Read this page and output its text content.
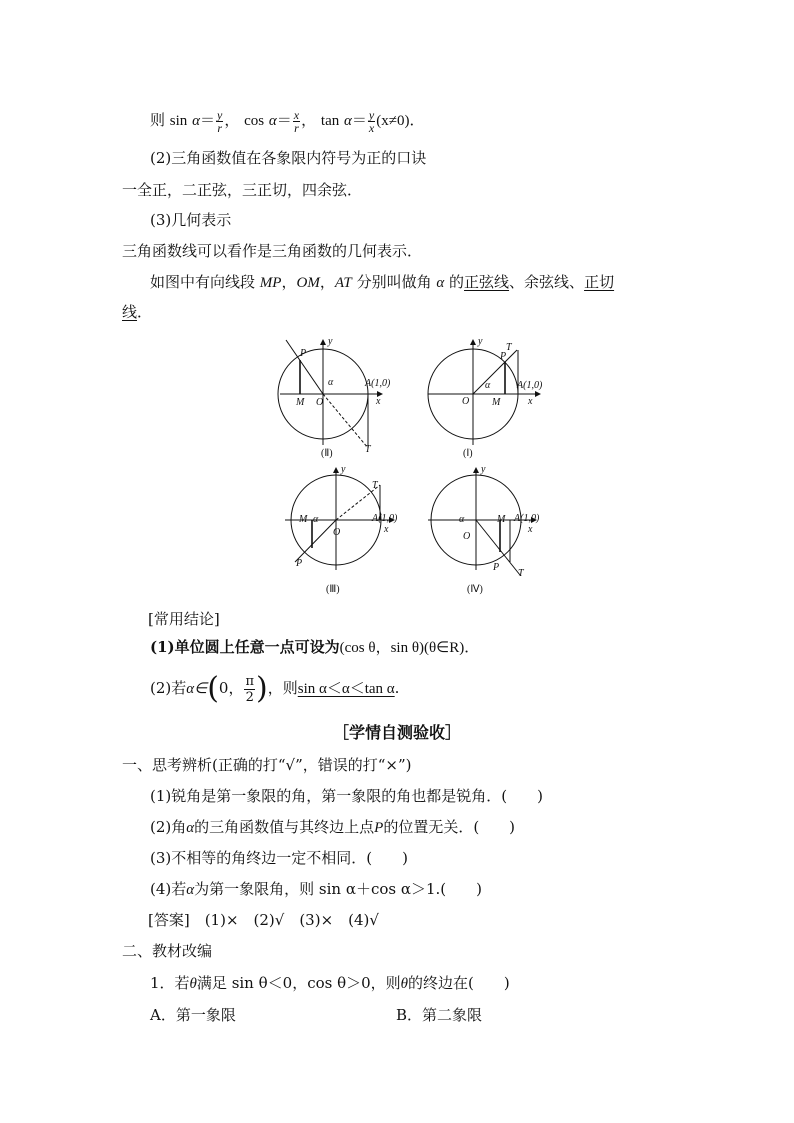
则 $\sin \alpha= \frac{y}{r}$ ， $\cos \alpha= \frac{x}{r}$ ， $\tan \alpha= \frac{y}{x} (x\ne 0)$．
(2)三角函数值在各象限内符号为正的口诀
一全正，二正弦，三正切，四余弦．
(3)几何表示
三角函数线可以看作是三角函数的几何表示．
如图中有向线段 MP，OM，AT 分别叫做角 α 的正弦线、余弦线、正切
线．
P
M O
α
y
x
A(1,0)
T
(Ⅱ)
P
T
M
O
α
y
x
A(1,0)
(Ⅰ)
M α
O
y
x
A(1,0)
T
P
(Ⅲ)
α
O
M
y
x
A(1,0)
P
T
(Ⅳ)
[常用结论]
(1)单位圆上任意一点可设为(cos θ，sin θ)(θ∈R)．
(2)若α∈(0， $\frac{\pi}{2}$ )，则sin α＜α＜tan α.
［学情自测验收］
一、思考辨析(正确的打“√”，错误的打“×”)
(1)锐角是第一象限的角，第一象限的角也都是锐角．(　　)
(2)角α的三角函数值与其终边上点P的位置无关．(　　)
(3)不相等的角终边一定不相同．(　　)
(4)若α为第一象限角，则 sin α＋cos α＞1.(　　)
[答案]　(1)×　(2)√　(3)×　(4)√
二、教材改编
1．若θ满足 sin θ＜0，cos θ＞0，则θ的终边在(　　)
A．第一象限	B．第二象限
